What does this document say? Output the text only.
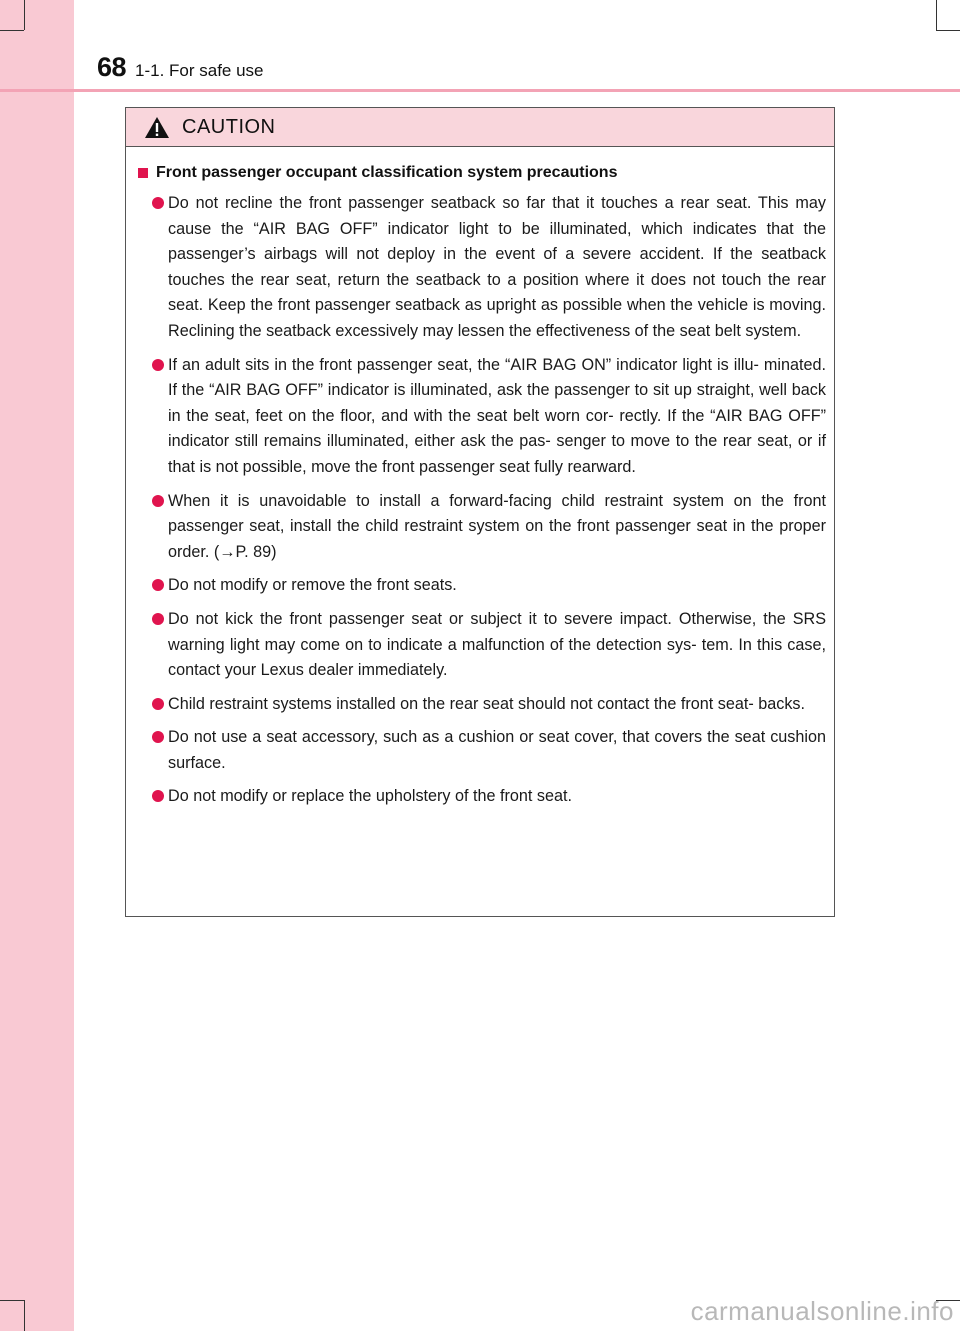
68 1-1. For safe use
CAUTION
Front passenger occupant classification system precautions
Do not recline the front passenger seatback so far that it touches a rear seat. This may cause the “AIR BAG OFF” indicator light to be illuminated, which indicates that the passenger’s airbags will not deploy in the event of a severe accident. If the seatback touches the rear seat, return the seatback to a position where it does not touch the rear seat. Keep the front passenger seatback as upright as possible when the vehicle is moving. Reclining the seatback excessively may lessen the effectiveness of the seat belt system.
If an adult sits in the front passenger seat, the “AIR BAG ON” indicator light is illu- minated. If the “AIR BAG OFF” indicator is illuminated, ask the passenger to sit up straight, well back in the seat, feet on the floor, and with the seat belt worn cor- rectly. If the “AIR BAG OFF” indicator still remains illuminated, either ask the pas- senger to move to the rear seat, or if that is not possible, move the front passenger seat fully rearward.
When it is unavoidable to install a forward-facing child restraint system on the front passenger seat, install the child restraint system on the front passenger seat in the proper order. (→P. 89)
Do not modify or remove the front seats.
Do not kick the front passenger seat or subject it to severe impact. Otherwise, the SRS warning light may come on to indicate a malfunction of the detection sys- tem. In this case, contact your Lexus dealer immediately.
Child restraint systems installed on the rear seat should not contact the front seat- backs.
Do not use a seat accessory, such as a cushion or seat cover, that covers the seat cushion surface.
Do not modify or replace the upholstery of the front seat.
carmanualsonline.info
